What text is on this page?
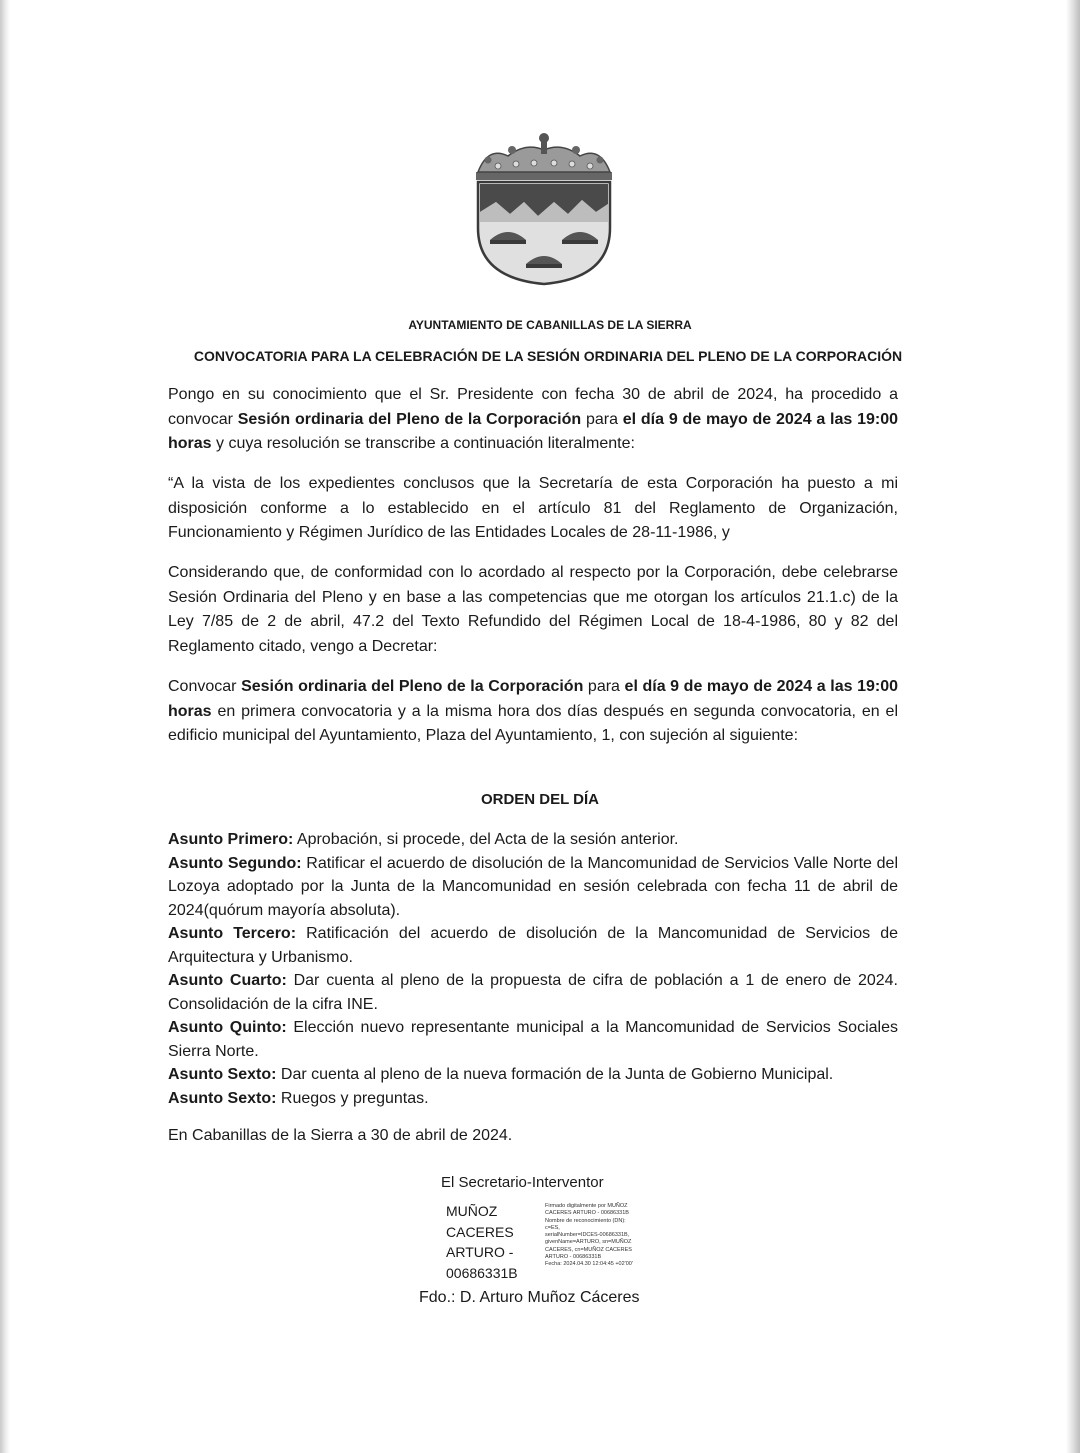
AYUNTAMIENTO DE CABANILLAS DE LA SIERRA
CONVOCATORIA PARA LA CELEBRACIÓN DE LA SESIÓN ORDINARIA DEL PLENO DE LA CORPORACIÓN

Pongo en su conocimiento que el Sr. Presidente con fecha 30 de abril de 2024, ha procedido a convocar Sesión ordinaria del Pleno de la Corporación para el día 9 de mayo de 2024 a las 19:00 horas y cuya resolución se transcribe a continuación literalmente:

“A la vista de los expedientes conclusos que la Secretaría de esta Corporación ha puesto a mi disposición conforme a lo establecido en el artículo 81 del Reglamento de Organización, Funcionamiento y Régimen Jurídico de las Entidades Locales de 28-11-1986, y

Considerando que, de conformidad con lo acordado al respecto por la Corporación, debe celebrarse Sesión Ordinaria del Pleno y en base a las competencias que me otorgan los artículos 21.1.c) de la Ley 7/85 de 2 de abril, 47.2 del Texto Refundido del Régimen Local de 18-4-1986, 80 y 82 del Reglamento citado, vengo a Decretar:

Convocar Sesión ordinaria del Pleno de la Corporación para el día 9 de mayo de 2024 a las 19:00 horas en primera convocatoria y a la misma hora dos días después en segunda convocatoria, en el edificio municipal del Ayuntamiento, Plaza del Ayuntamiento, 1, con sujeción al siguiente:

ORDEN DEL DÍA
Asunto Primero: Aprobación, si procede, del Acta de la sesión anterior.
Asunto Segundo: Ratificar el acuerdo de disolución de la Mancomunidad de Servicios Valle Norte del Lozoya adoptado por la Junta de la Mancomunidad en sesión celebrada con fecha 11 de abril de 2024(quórum mayoría absoluta).
Asunto Tercero: Ratificación del acuerdo de disolución de la Mancomunidad de Servicios de Arquitectura y Urbanismo.
Asunto Cuarto: Dar cuenta al pleno de la propuesta de cifra de población a 1 de enero de 2024. Consolidación de la cifra INE.
Asunto Quinto: Elección nuevo representante municipal a la Mancomunidad de Servicios Sociales Sierra Norte.
Asunto Sexto: Dar cuenta al pleno de la nueva formación de la Junta de Gobierno Municipal.
Asunto Sexto: Ruegos y preguntas.
En Cabanillas de la Sierra a 30 de abril de 2024.
El Secretario-Interventor
MUÑOZ
CACERES
ARTURO -
00686331B
Firmado digitalmente por MUÑOZ
CACERES ARTURO - 00686331B
Nombre de reconocimiento (DN):
c=ES,
serialNumber=IDCES-00686331B,
givenName=ARTURO, sn=MUÑOZ
CACERES, cn=MUÑOZ CACERES
ARTURO - 00686331B
Fecha: 2024.04.30 12:04:45 +02'00'
Fdo.: D. Arturo Muñoz Cáceres
